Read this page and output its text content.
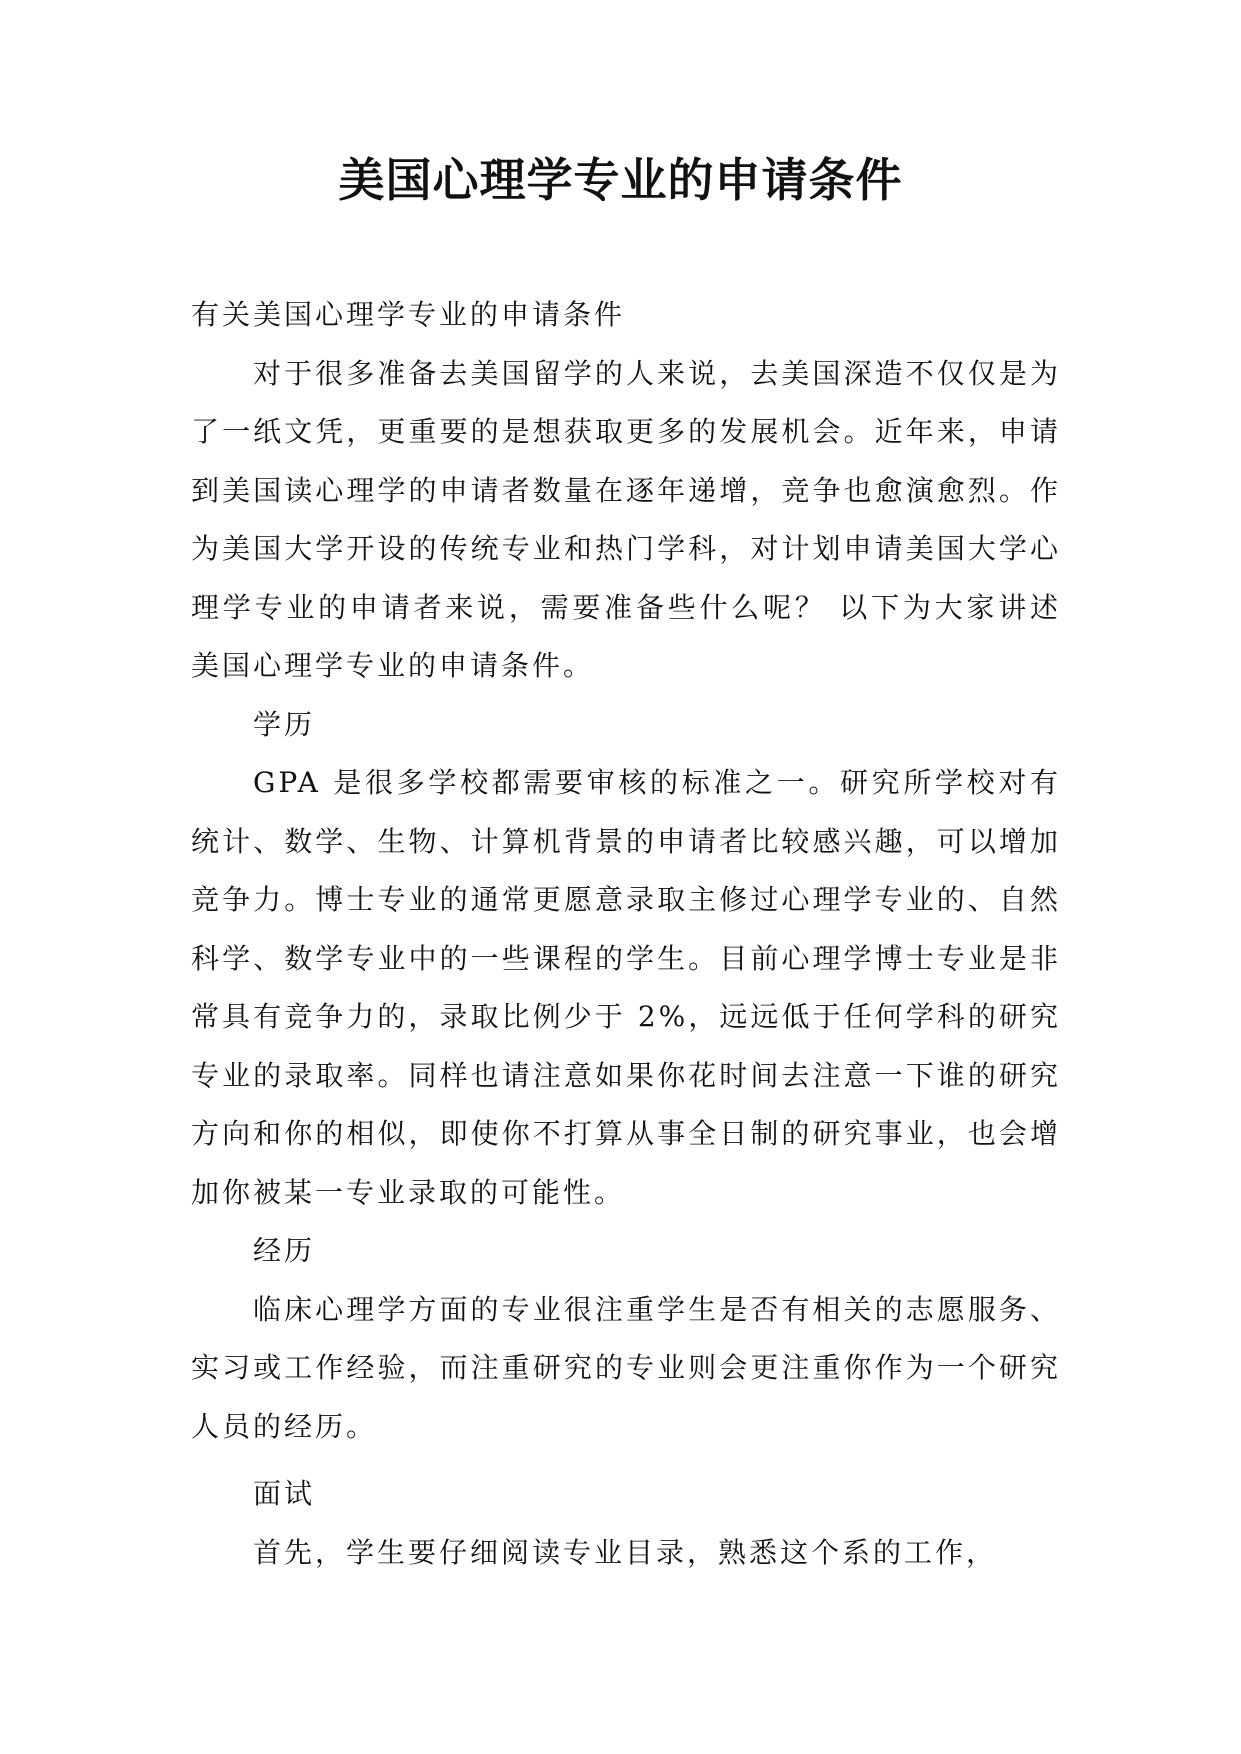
美国心理学专业的申请条件

有关美国心理学专业的申请条件

对于很多准备去美国留学的人来说，去美国深造不仅仅是为了一纸文凭，更重要的是想获取更多的发展机会。近年来，申请到美国读心理学的申请者数量在逐年递增，竞争也愈演愈烈。作为美国大学开设的传统专业和热门学科，对计划申请美国大学心理学专业的申请者来说，需要准备些什么呢？ 以下为大家讲述美国心理学专业的申请条件。

学历

GPA 是很多学校都需要审核的标准之一。研究所学校对有统计、数学、生物、计算机背景的申请者比较感兴趣，可以增加竞争力。博士专业的通常更愿意录取主修过心理学专业的、自然科学、数学专业中的一些课程的学生。目前心理学博士专业是非常具有竞争力的，录取比例少于 2%，远远低于任何学科的研究专业的录取率。同样也请注意如果你花时间去注意一下谁的研究方向和你的相似，即使你不打算从事全日制的研究事业，也会增加你被某一专业录取的可能性。

经历

临床心理学方面的专业很注重学生是否有相关的志愿服务、实习或工作经验，而注重研究的专业则会更注重你作为一个研究人员的经历。

面试

首先，学生要仔细阅读专业目录，熟悉这个系的工作，
